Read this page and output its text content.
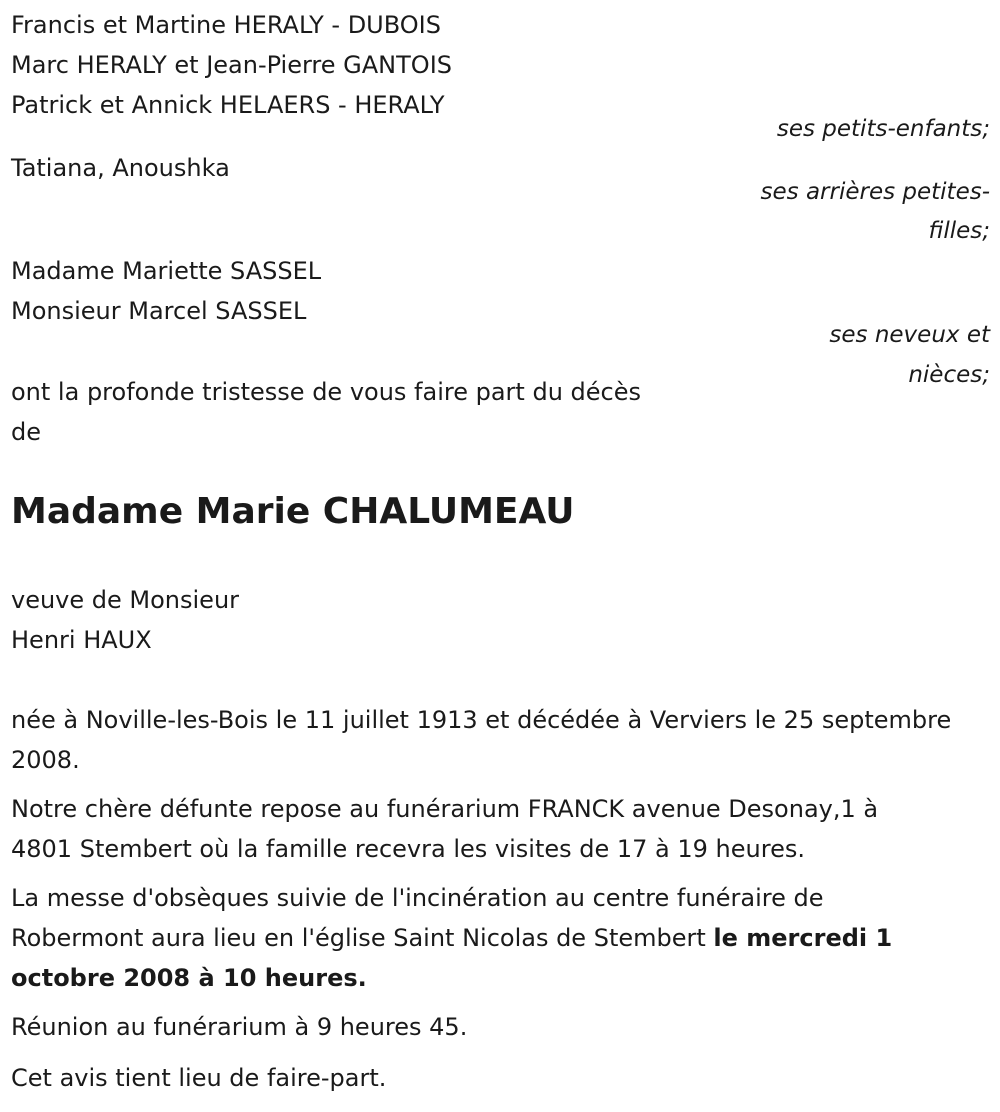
Francis et Martine HERALY - DUBOIS

Marc HERALY et Jean-Pierre GANTOIS

Patrick et Annick HELAERS - HERALY

ses petits-enfants;

Tatiana, Anoushka

ses arrières petites-

filles;

Madame Mariette SASSEL

Monsieur Marcel SASSEL

ses neveux et

nièces;

ont la profonde tristesse de vous faire part du décès

de

Madame Marie CHALUMEAU

veuve de Monsieur

Henri HAUX

née à Noville-les-Bois le 11 juillet 1913 et décédée à Verviers le 25 septembre 2008.

Notre chère défunte repose au funérarium FRANCK avenue Desonay,1 à

4801 Stembert où la famille recevra les visites de 17 à 19 heures.

La messe d'obsèques suivie de l'incinération au centre funéraire de

Robermont aura lieu en l'église Saint Nicolas de Stembert le mercredi 1

octobre 2008 à 10 heures.

Réunion au funérarium à 9 heures 45.

Cet avis tient lieu de faire-part.
